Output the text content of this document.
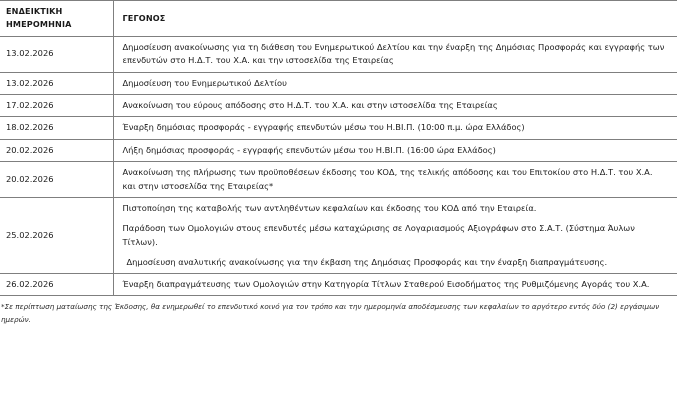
ΕΝΔΕΙΚΤΙΚΗ
ΗΜΕΡΟΜΗΝΙΑ	ΓΕΓΟΝΟΣ
13.02.2026	Δημοσίευση ανακοίνωσης για τη διάθεση του Ενημερωτικού Δελτίου και την έναρξη της Δημόσιας Προσφοράς και εγγραφής των επενδυτών στο Η.Δ.Τ. του Χ.Α. και την ιστοσελίδα της Εταιρείας

13.02.2026	Δημοσίευση του Ενημερωτικού Δελτίου

17.02.2026	Ανακοίνωση του εύρους απόδοσης στο Η.Δ.Τ. του Χ.Α. και στην ιστοσελίδα της Εταιρείας

18.02.2026	Έναρξη δημόσιας προσφοράς - εγγραφής επενδυτών μέσω του Η.ΒΙ.Π. (10:00 π.μ. ώρα Ελλάδος)

20.02.2026	Λήξη δημόσιας προσφοράς - εγγραφής επενδυτών μέσω του Η.ΒΙ.Π. (16:00 ώρα Ελλάδος)

20.02.2026	Ανακοίνωση της πλήρωσης των προϋποθέσεων έκδοσης του ΚΟΔ, της τελικής απόδοσης και του Επιτοκίου στο Η.Δ.Τ. του Χ.Α. και στην ιστοσελίδα της Εταιρείας*

25.02.2026	Πιστοποίηση της καταβολής των αντληθέντων κεφαλαίων και έκδοσης του ΚΟΔ από την Εταιρεία.

Παράδοση των Ομολογιών στους επενδυτές μέσω καταχώρισης σε Λογαριασμούς Αξιογράφων στο Σ.Α.Τ. (Σύστημα Άυλων Τίτλων).

Δημοσίευση αναλυτικής ανακοίνωσης για την έκβαση της Δημόσιας Προσφοράς και την έναρξη διαπραγμάτευσης.

26.02.2026	Έναρξη διαπραγμάτευσης των Ομολογιών στην Κατηγορία Τίτλων Σταθερού Εισοδήματος της Ρυθμιζόμενης Αγοράς του Χ.Α.

*Σε περίπτωση ματαίωσης της Έκδοσης, θα ενημερωθεί το επενδυτικό κοινό για τον τρόπο και την ημερομηνία αποδέσμευσης των κεφαλαίων το αργότερο εντός δύο (2) εργάσιμων ημερών.
